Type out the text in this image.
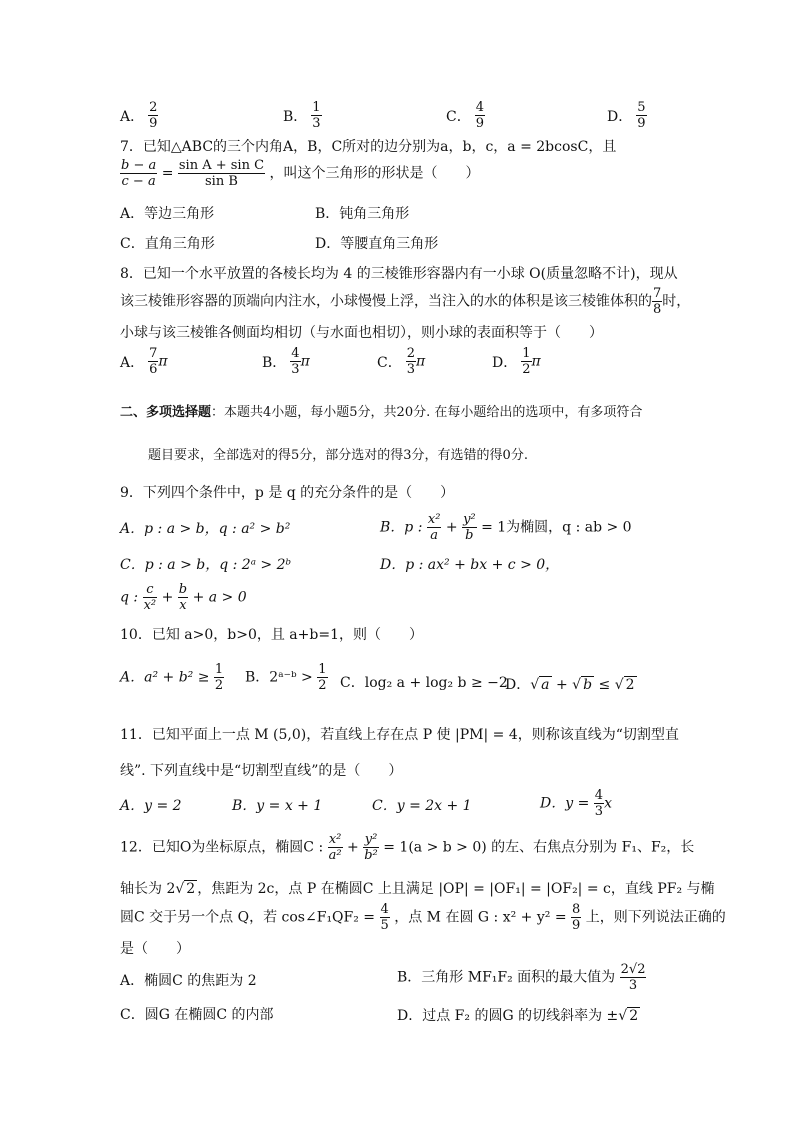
A． $\frac{2}{9}$	B． $\frac{1}{3}$	C． $\frac{4}{9}$	D． $\frac{5}{9}$
7．已知△ABC的三个内角A，B，C所对的边分别为a，b，c，a = 2bcosC，且
$\frac{b - a}{c - a} = \frac{\text{sin A + sin C}}{\text{sin B}}$ ，叫这个三角形的形状是（　　）
A．等边三角形	B．钝角三角形
C．直角三角形	D．等腰直角三角形
8．已知一个水平放置的各棱长均为 4 的三棱锥形容器内有一小球 O(质量忽略不计)，现从
该三棱锥形容器的顶端向内注水，小球慢慢上浮，当注入的水的体积是该三棱锥体积的 $\frac{7}{8}$ 时，
小球与该三棱锥各侧面均相切（与水面也相切），则小球的表面积等于（　　）
A． $\frac{7}{6}$ π	B． $\frac{4}{3}$ π	C． $\frac{2}{3}$ π	D． $\frac{1}{2}$ π
二、多项选择题：本题共4小题，每小题5分，共20分. 在每小题给出的选项中，有多项符合
题目要求，全部选对的得5分，部分选对的得3分，有选错的得0分.
9．下列四个条件中，p 是 q 的充分条件的是（　　）
A．p : a > b，q : a² > b²	B．p : $\frac{\text{x²}}{a} + \frac{\text{y²}}{b} = 1$为椭圆，q : ab > 0
C．p : a > b，q : 2ᵃ > 2ᵇ	D．p : ax² + bx + c > 0，
q : $\frac{c}{\text{x²}} + \frac{b}{x} + a > 0$
10．已知 a>0，b>0，且 a+b=1，则（　　）
A．$a^2 + b^2 \ge \frac{1}{2}$ B．2ᵃ⁻ᵇ > $\frac{1}{2}$ C．log₂ a + log₂ b ≥ −2
D．√ a + √ b ≤ √ 2
11．已知平面上一点 M (5,0)，若直线上存在点 P 使 |PM| = 4，则称该直线为“切割型直
线”. 下列直线中是“切割型直线”的是（　　）
A．y = 2	B．y = x + 1	C．y = 2x + 1	D．$y = \frac{4}{3}$ x
12．已知O为坐标原点，椭圆C : $\frac{\text{x²}}{\text{a²}} + \frac{\text{y²}}{\text{b²}} = 1(a > b > 0)$ 的左、右焦点分别为 F₁、F₂，长
轴长为 2√ 2 ，焦距为 2c，点 P 在椭圆C 上且满足 |OP| = |OF₁| = |OF₂| = c，直线 PF₂ 与椭
圆C 交于另一个点 Q，若 cos∠F₁QF₂ = $\frac{4}{5}$ ，点 M 在圆 G : $x^2 + y^2 = \frac{8}{9}$ 上，则下列说法正确的
是（　　）
A．椭圆C 的焦距为 2	B．三角形 MF₁F₂ 面积的最大值为 $\frac{2√2}{3}$
C．圆G 在椭圆C 的内部	D．过点 F₂ 的圆G 的切线斜率为 ±√ 2
